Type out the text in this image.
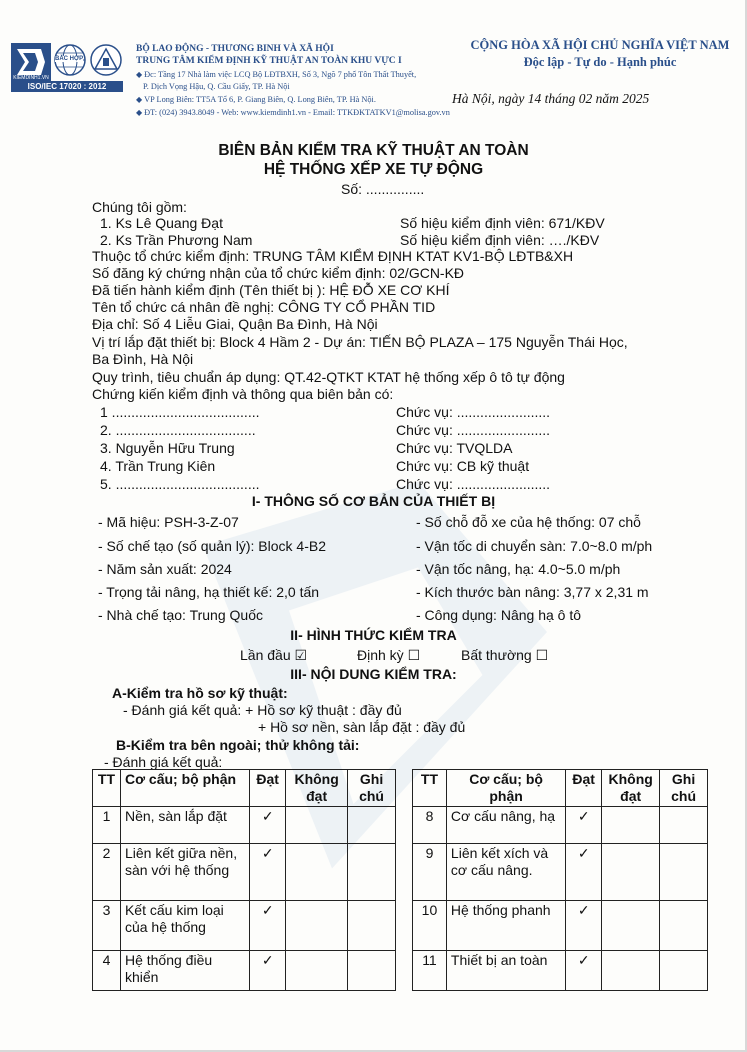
KIEMDINH1.VN
BẮC HỢP
ISO/IEC 17020 : 2012
BỘ LAO ĐỘNG - THƯƠNG BINH VÀ XÃ HỘI
TRUNG TÂM KIỂM ĐỊNH KỸ THUẬT AN TOÀN KHU VỰC I
◆ Đc: Tầng 17 Nhà làm việc LCQ Bộ LĐTBXH, Số 3, Ngõ 7 phố Tôn Thất Thuyết,
P. Dịch Vọng Hậu, Q. Cầu Giấy, TP. Hà Nội
◆ VP Long Biên: TT5A Tổ 6, P. Giang Biên, Q. Long Biên, TP. Hà Nội.
◆ ĐT: (024) 3943.8049 - Web: www.kiemdinh1.vn - Email: TTKĐKTATKV1@molisa.gov.vn
CỘNG HÒA XÃ HỘI CHỦ NGHĨA VIỆT NAM
Độc lập - Tự do - Hạnh phúc
Hà Nội, ngày 14 tháng 02 năm 2025
BIÊN BẢN KIỂM TRA KỸ THUẬT AN TOÀN
HỆ THỐNG XẾP XE TỰ ĐỘNG
Số: ...............
Chúng tôi gồm:
1. Ks Lê Quang Đạt	Số hiệu kiểm định viên: 671/KĐV
2. Ks Trần Phương Nam	Số hiệu kiểm định viên: …./KĐV
Thuộc tổ chức kiểm định: TRUNG TÂM KIỂM ĐỊNH KTAT KV1-BỘ LĐTB&XH
Số đăng ký chứng nhận của tổ chức kiểm định: 02/GCN-KĐ
Đã tiến hành kiểm định (Tên thiết bị ): HỆ ĐỖ XE CƠ KHÍ
Tên tổ chức cá nhân đề nghị: CÔNG TY CỔ PHẦN TID
Địa chỉ: Số 4 Liễu Giai, Quận Ba Đình, Hà Nội
Vị trí lắp đặt thiết bị: Block 4 Hầm 2 - Dự án: TIẾN BỘ PLAZA – 175 Nguyễn Thái Học,
Ba Đình, Hà Nội
Quy trình, tiêu chuẩn áp dụng: QT.42-QTKT KTAT hệ thống xếp ô tô tự động
Chứng kiến kiểm định và thông qua biên bản có:
1 ......................................	Chức vụ: ........................
2. ....................................	Chức vụ: ........................
3. Nguyễn Hữu Trung	Chức vụ: TVQLDA
4. Trần Trung Kiên	Chức vụ: CB kỹ thuật
5. .....................................	Chức vụ: ........................
I- THÔNG SỐ CƠ BẢN CỦA THIẾT BỊ
- Mã hiệu: PSH-3-Z-07
- Số chế tạo (số quản lý): Block 4-B2
- Năm sản xuất: 2024
- Trọng tải nâng, hạ thiết kế: 2,0 tấn
- Nhà chế tạo: Trung Quốc
- Số chỗ đỗ xe của hệ thống: 07 chỗ
- Vận tốc di chuyển sàn: 7.0~8.0 m/ph
- Vận tốc nâng, hạ: 4.0~5.0 m/ph
- Kích thước bàn nâng: 3,77 x 2,31 m
- Công dụng: Nâng hạ ô tô
II- HÌNH THỨC KIỂM TRA
Lần đầu ☑	Định kỳ ☐	Bất thường ☐
III- NỘI DUNG KIỂM TRA:
A-Kiểm tra hồ sơ kỹ thuật:
- Đánh giá kết quả: + Hồ sơ kỹ thuật : đầy đủ
+ Hồ sơ nền, sàn lắp đặt : đầy đủ
B-Kiểm tra bên ngoài; thử không tải:
- Đánh giá kết quả:
TT	Cơ cấu; bộ phận	Đạt	Không đạt	Ghi chú
1	Nền, sàn lắp đặt	✓		
2	Liên kết giữa nền, sàn với hệ thống	✓		
3	Kết cấu kim loại của hệ thống	✓		
4	Hệ thống điều khiển	✓		
TT	Cơ cấu; bộ phận	Đạt	Không đạt	Ghi chú
8	Cơ cấu nâng, hạ	✓		
9	Liên kết xích và cơ cấu nâng.	✓		
10	Hệ thống phanh	✓		
11	Thiết bị an toàn	✓		
